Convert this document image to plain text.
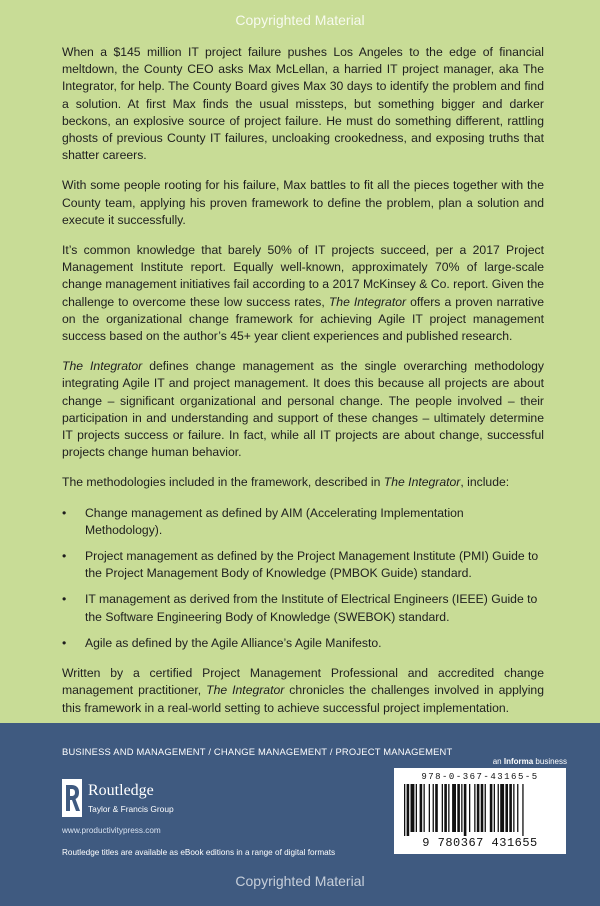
Copyrighted Material

When a $145 million IT project failure pushes Los Angeles to the edge of financial meltdown, the County CEO asks Max McLellan, a harried IT project manager, aka The Integrator, for help. The County Board gives Max 30 days to identify the problem and find a solution. At first Max finds the usual missteps, but something bigger and darker beckons, an explosive source of project failure. He must do something different, rattling ghosts of previous County IT failures, uncloaking crookedness, and exposing truths that shatter careers.

With some people rooting for his failure, Max battles to fit all the pieces together with the County team, applying his proven framework to define the problem, plan a solution and execute it successfully.

It’s common knowledge that barely 50% of IT projects succeed, per a 2017 Project Management Institute report. Equally well-known, approximately 70% of large-scale change management initiatives fail according to a 2017 McKinsey & Co. report. Given the challenge to overcome these low success rates, The Integrator offers a proven narrative on the organizational change framework for achieving Agile IT project management success based on the author’s 45+ year client experiences and published research.

The Integrator defines change management as the single overarching methodology integrating Agile IT and project management. It does this because all projects are about change – significant organizational and personal change. The people involved – their participation in and understanding and support of these changes – ultimately determine IT projects success or failure. In fact, while all IT projects are about change, successful projects change human behavior.

The methodologies included in the framework, described in The Integrator, include:

• Change management as defined by AIM (Accelerating Implementation Methodology).
• Project management as defined by the Project Management Institute (PMI) Guide to the Project Management Body of Knowledge (PMBOK Guide) standard.
• IT management as derived from the Institute of Electrical Engineers (IEEE) Guide to the Software Engineering Body of Knowledge (SWEBOK) standard.
• Agile as defined by the Agile Alliance’s Agile Manifesto.

Written by a certified Project Management Professional and accredited change management practitioner, The Integrator chronicles the challenges involved in applying this framework in a real-world setting to achieve successful project implementation.

BUSINESS AND MANAGEMENT / CHANGE MANAGEMENT / PROJECT MANAGEMENT
an Informa business
Routledge
Taylor & Francis Group
www.productivitypress.com
Routledge titles are available as eBook editions in a range of digital formats
978-0-367-43165-5
9 780367 431655
Copyrighted Material
